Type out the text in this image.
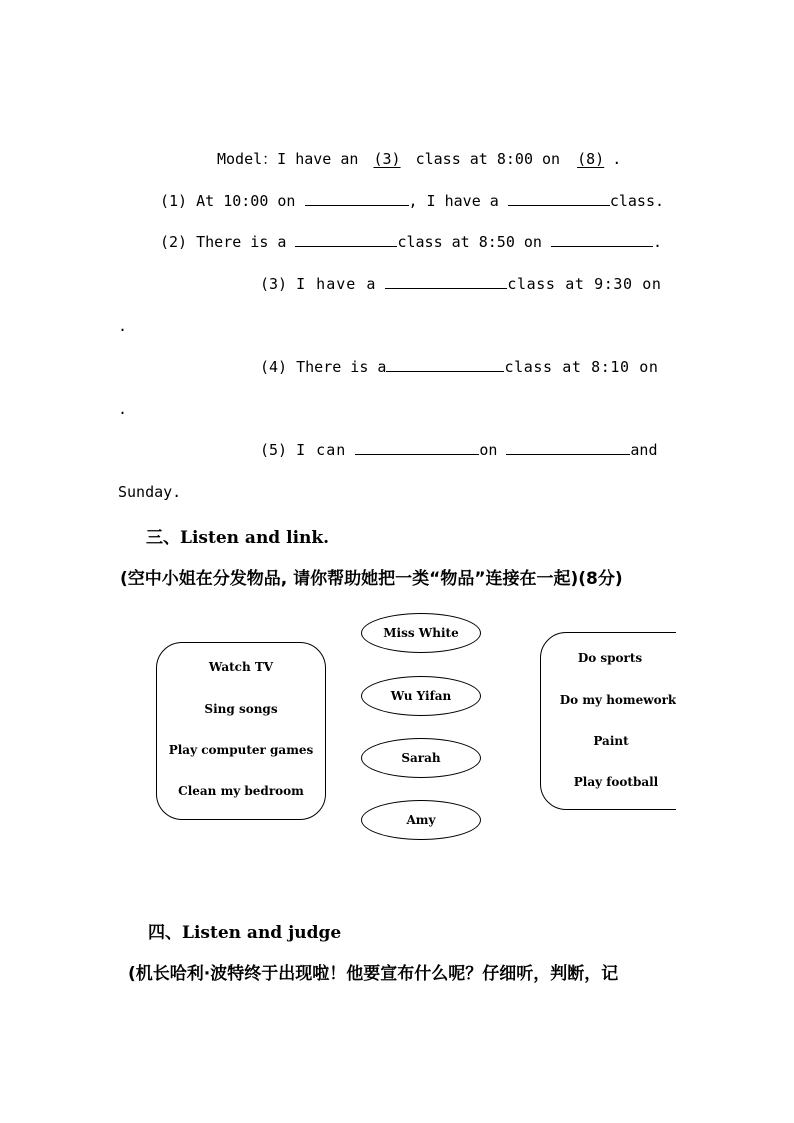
Model：I have an (3) class at 8:00 on (8) .
(1) At 10:00 on	, I have a	class.
(2) There is a	class at 8:50 on	.
(3) I have a	class at 9:30 on
.
(4) There is a	class at 8:10 on
.
(5) I can	on	and
Sunday.
三、Listen and link.
(空中小姐在分发物品, 请你帮助她把一类“物品”连接在一起)(8分)
Watch TV
Sing songs
Play computer games
Clean my bedroom
Miss White
Wu Yifan
Sarah
Amy
Do sports
Do my homework
Paint
Play football
四、Listen and judge
(机长哈利·波特终于出现啦！他要宣布什么呢？仔细听，判断，记
